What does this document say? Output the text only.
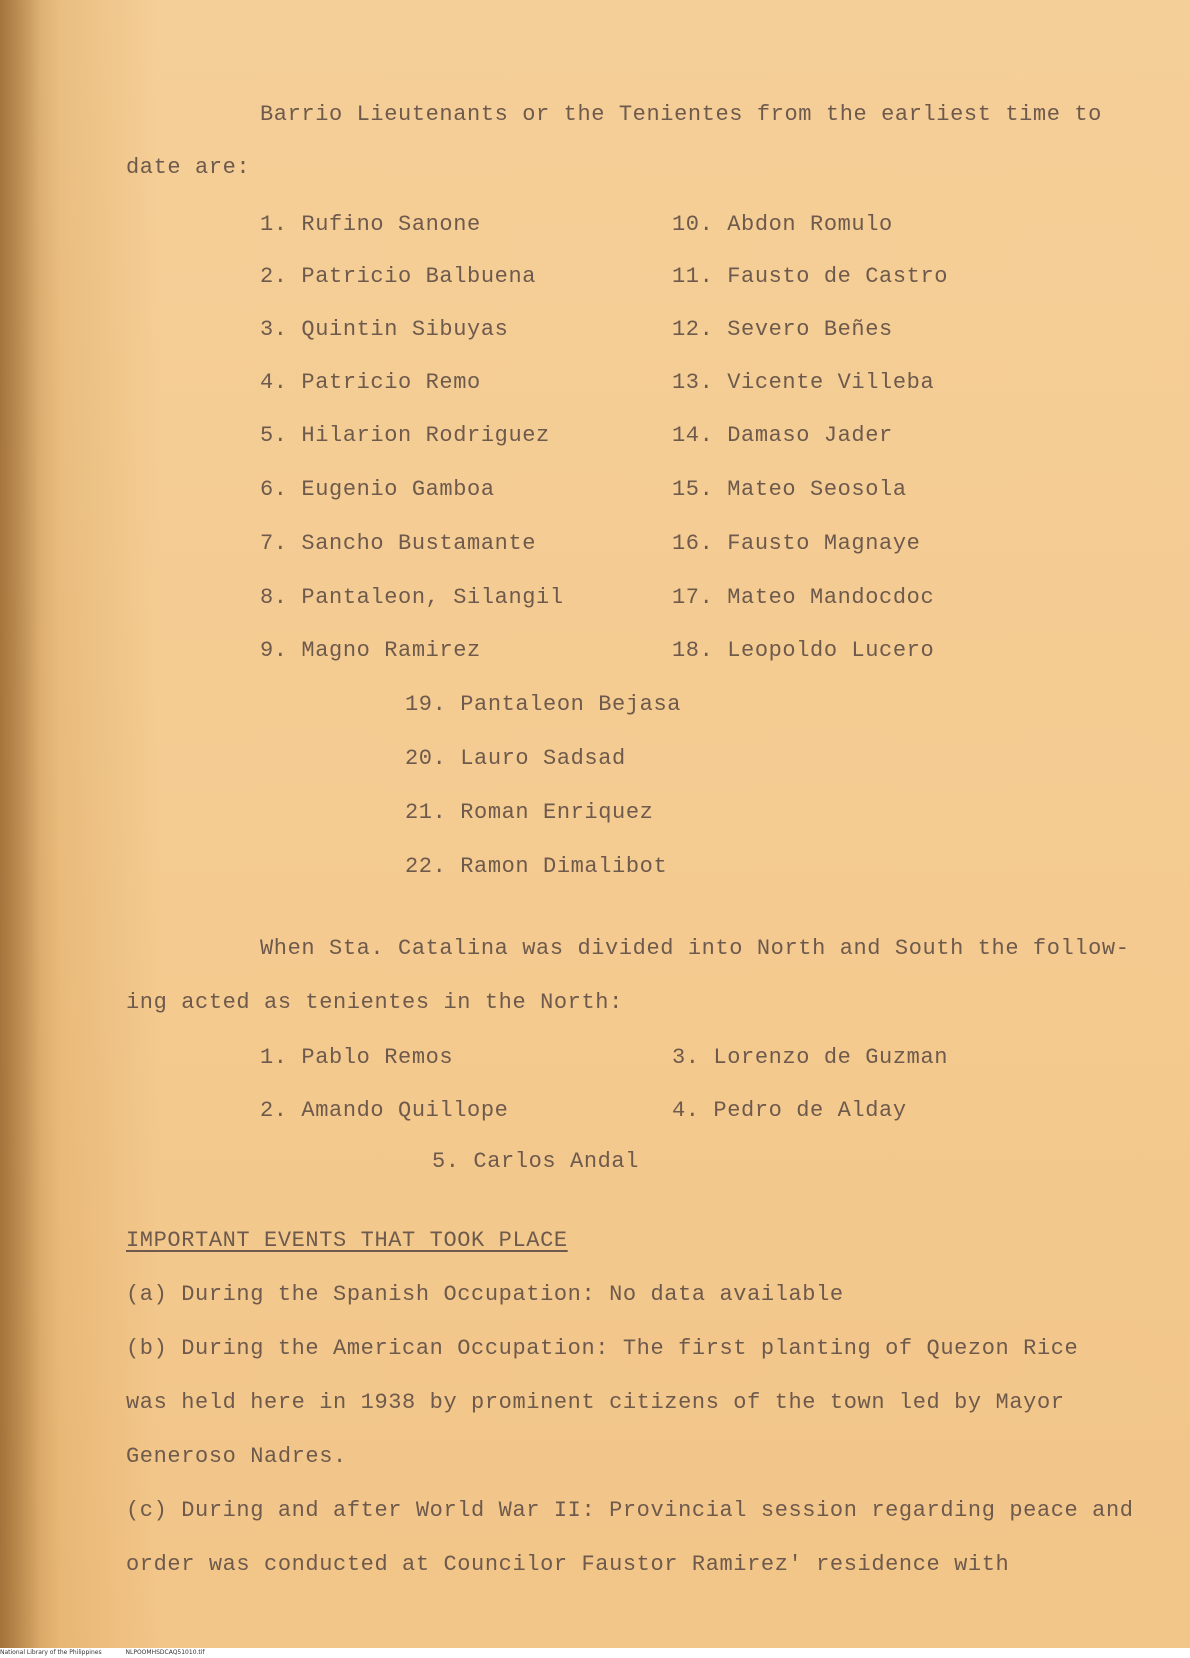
Barrio Lieutenants or the Tenientes from the earliest time to
date are:
1. Rufino Sanone
2. Patricio Balbuena
3. Quintin Sibuyas
4. Patricio Remo
5. Hilarion Rodriguez
6. Eugenio Gamboa
7. Sancho Bustamante
8. Pantaleon, Silangil
9. Magno Ramirez
10. Abdon Romulo
11. Fausto de Castro
12. Severo Beñes
13. Vicente Villeba
14. Damaso Jader
15. Mateo Seosola
16. Fausto Magnaye
17. Mateo Mandocdoc
18. Leopoldo Lucero
19. Pantaleon Bejasa
20. Lauro Sadsad
21. Roman Enriquez
22. Ramon Dimalibot
When Sta. Catalina was divided into North and South the follow-
ing acted as tenientes in the North:
1. Pablo Remos
2. Amando Quillope
3. Lorenzo de Guzman
4. Pedro de Alday
5. Carlos Andal
IMPORTANT EVENTS THAT TOOK PLACE
(a) During the Spanish Occupation: No data available
(b) During the American Occupation: The first planting of Quezon Rice
was held here in 1938 by prominent citizens of the town led by Mayor
Generoso Nadres.
(c) During and after World War II: Provincial session regarding peace and
order was conducted at Councilor Faustor Ramirez' residence with
National Library of the Philippines	NLPOOMHSDCAQ51010.tif
